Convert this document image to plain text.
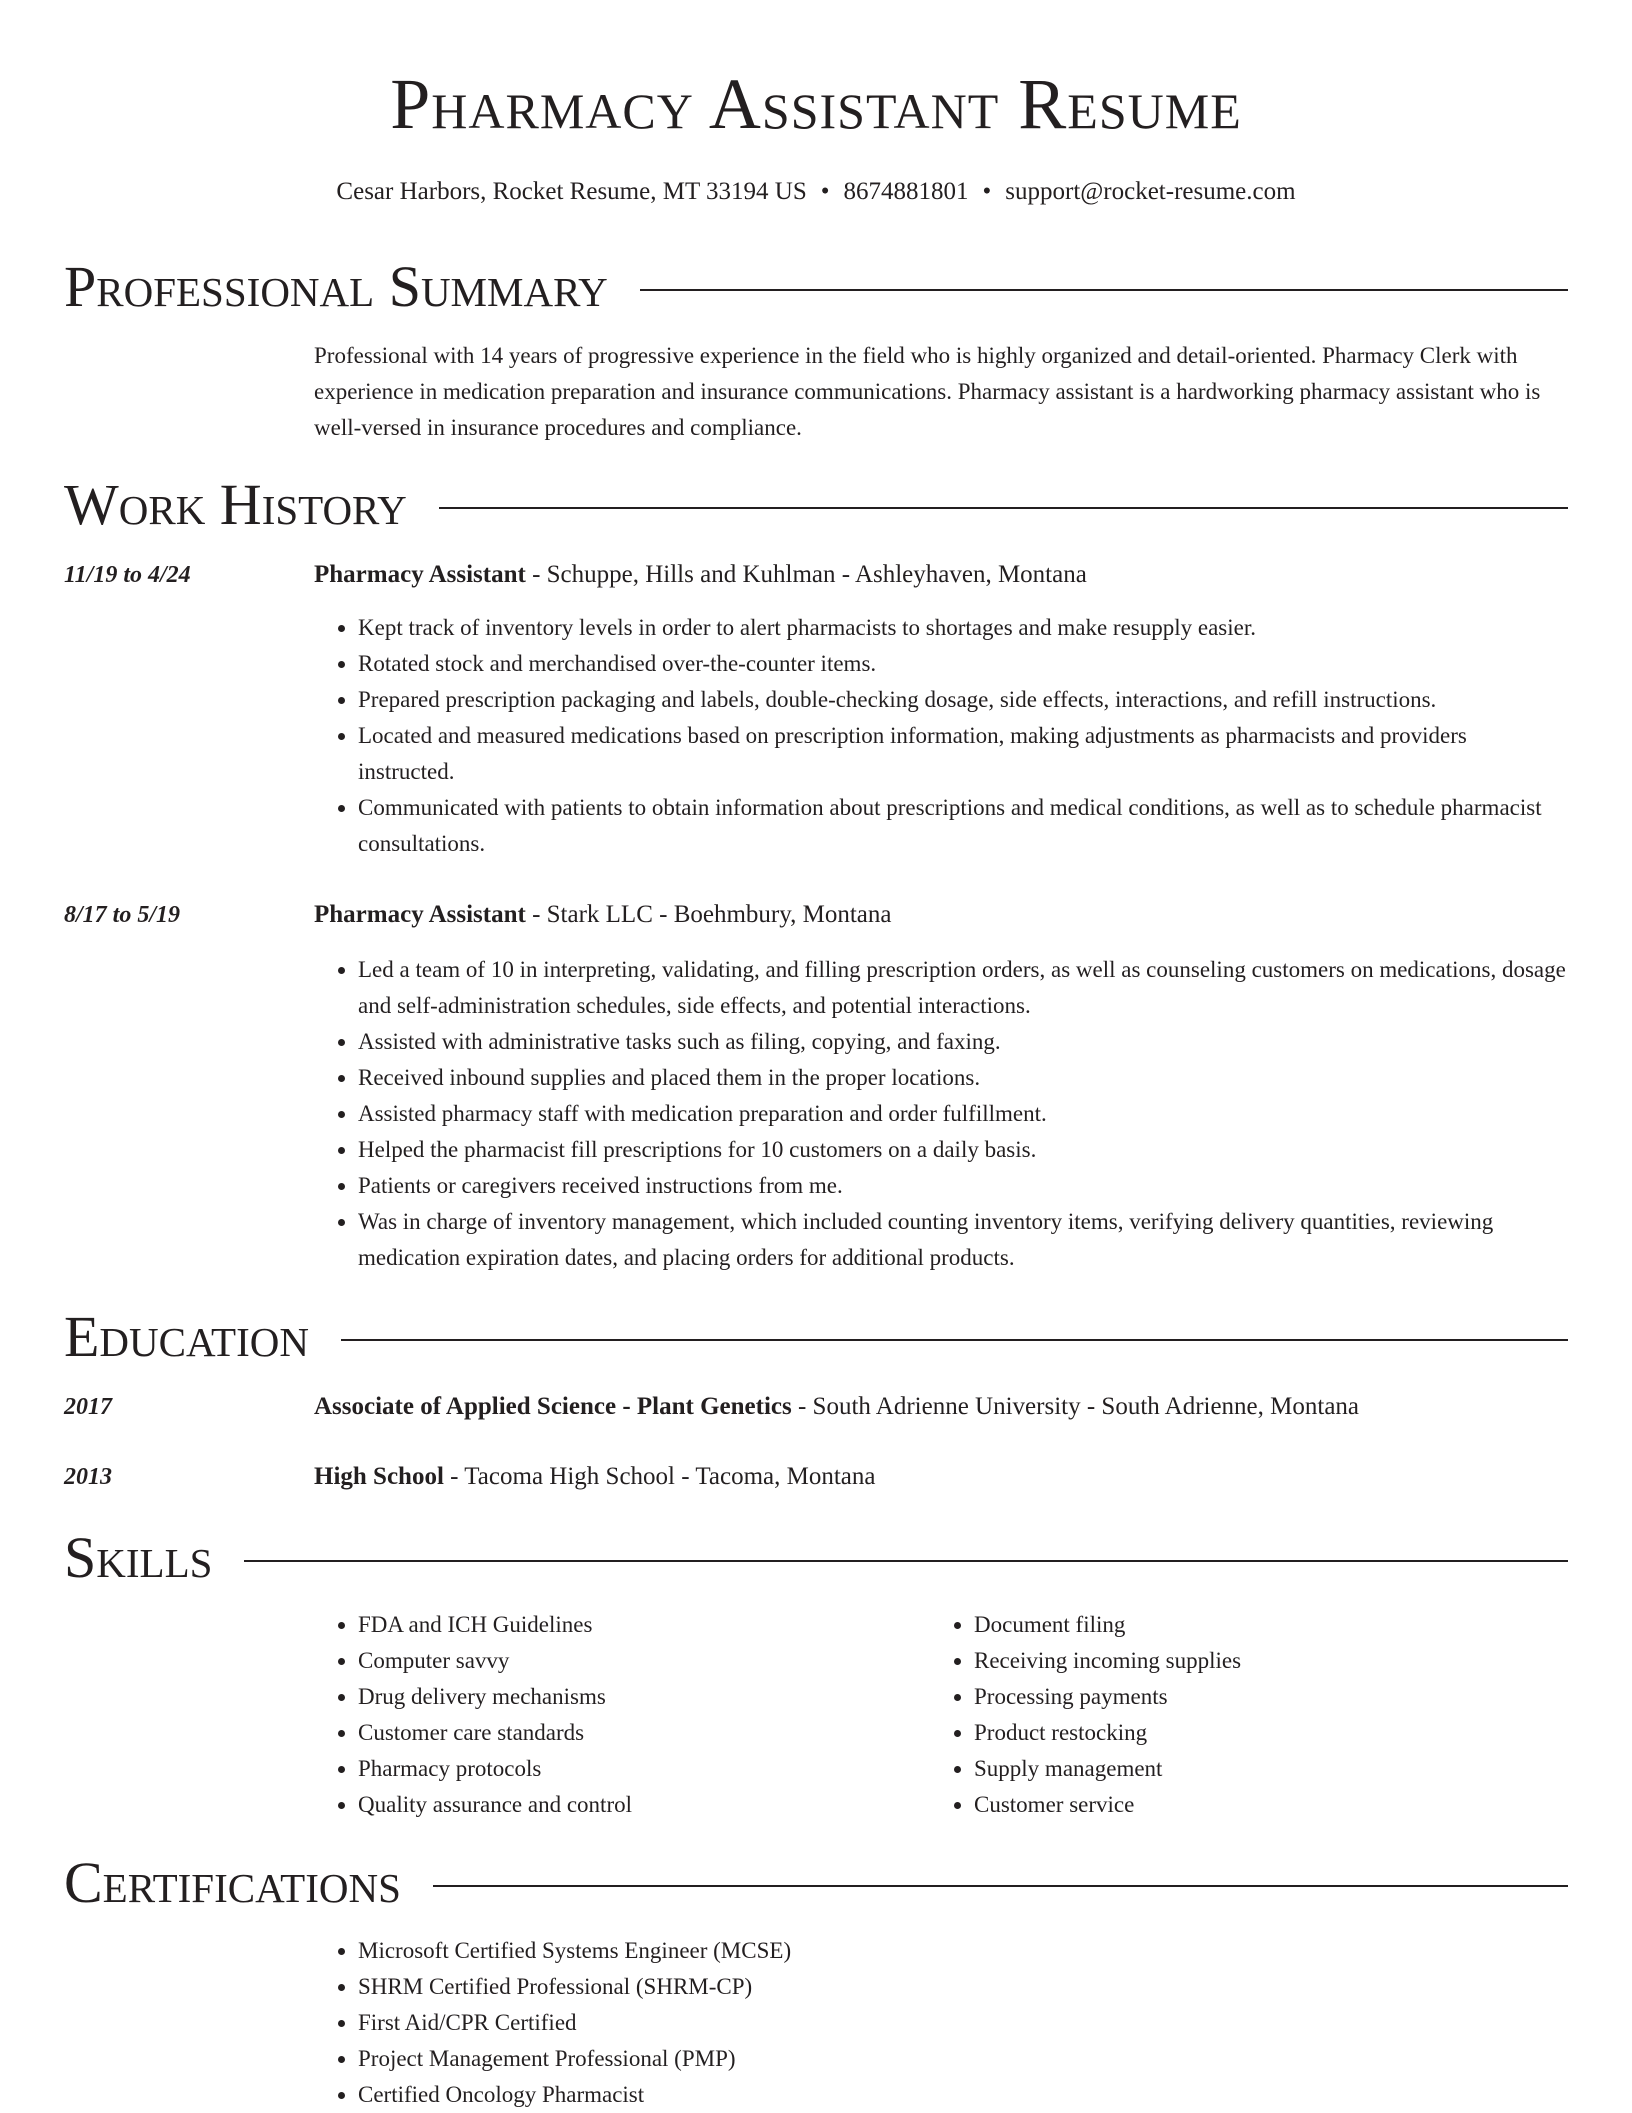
Pharmacy Assistant Resume
Cesar Harbors, Rocket Resume, MT 33194 US • 8674881801 • support@rocket-resume.com
Professional Summary
Professional with 14 years of progressive experience in the field who is highly organized and detail-oriented. Pharmacy Clerk with experience in medication preparation and insurance communications. Pharmacy assistant is a hardworking pharmacy assistant who is well-versed in insurance procedures and compliance.
Work History
11/19 to 4/24	Pharmacy Assistant - Schuppe, Hills and Kuhlman - Ashleyhaven, Montana
• Kept track of inventory levels in order to alert pharmacists to shortages and make resupply easier.
• Rotated stock and merchandised over-the-counter items.
• Prepared prescription packaging and labels, double-checking dosage, side effects, interactions, and refill instructions.
• Located and measured medications based on prescription information, making adjustments as pharmacists and providers instructed.
• Communicated with patients to obtain information about prescriptions and medical conditions, as well as to schedule pharmacist consultations.
8/17 to 5/19	Pharmacy Assistant - Stark LLC - Boehmbury, Montana
• Led a team of 10 in interpreting, validating, and filling prescription orders, as well as counseling customers on medications, dosage and self-administration schedules, side effects, and potential interactions.
• Assisted with administrative tasks such as filing, copying, and faxing.
• Received inbound supplies and placed them in the proper locations.
• Assisted pharmacy staff with medication preparation and order fulfillment.
• Helped the pharmacist fill prescriptions for 10 customers on a daily basis.
• Patients or caregivers received instructions from me.
• Was in charge of inventory management, which included counting inventory items, verifying delivery quantities, reviewing medication expiration dates, and placing orders for additional products.
Education
2017	Associate of Applied Science - Plant Genetics - South Adrienne University - South Adrienne, Montana
2013	High School - Tacoma High School - Tacoma, Montana
Skills
• FDA and ICH Guidelines
• Computer savvy
• Drug delivery mechanisms
• Customer care standards
• Pharmacy protocols
• Quality assurance and control
• Document filing
• Receiving incoming supplies
• Processing payments
• Product restocking
• Supply management
• Customer service
Certifications
• Microsoft Certified Systems Engineer (MCSE)
• SHRM Certified Professional (SHRM-CP)
• First Aid/CPR Certified
• Project Management Professional (PMP)
• Certified Oncology Pharmacist
